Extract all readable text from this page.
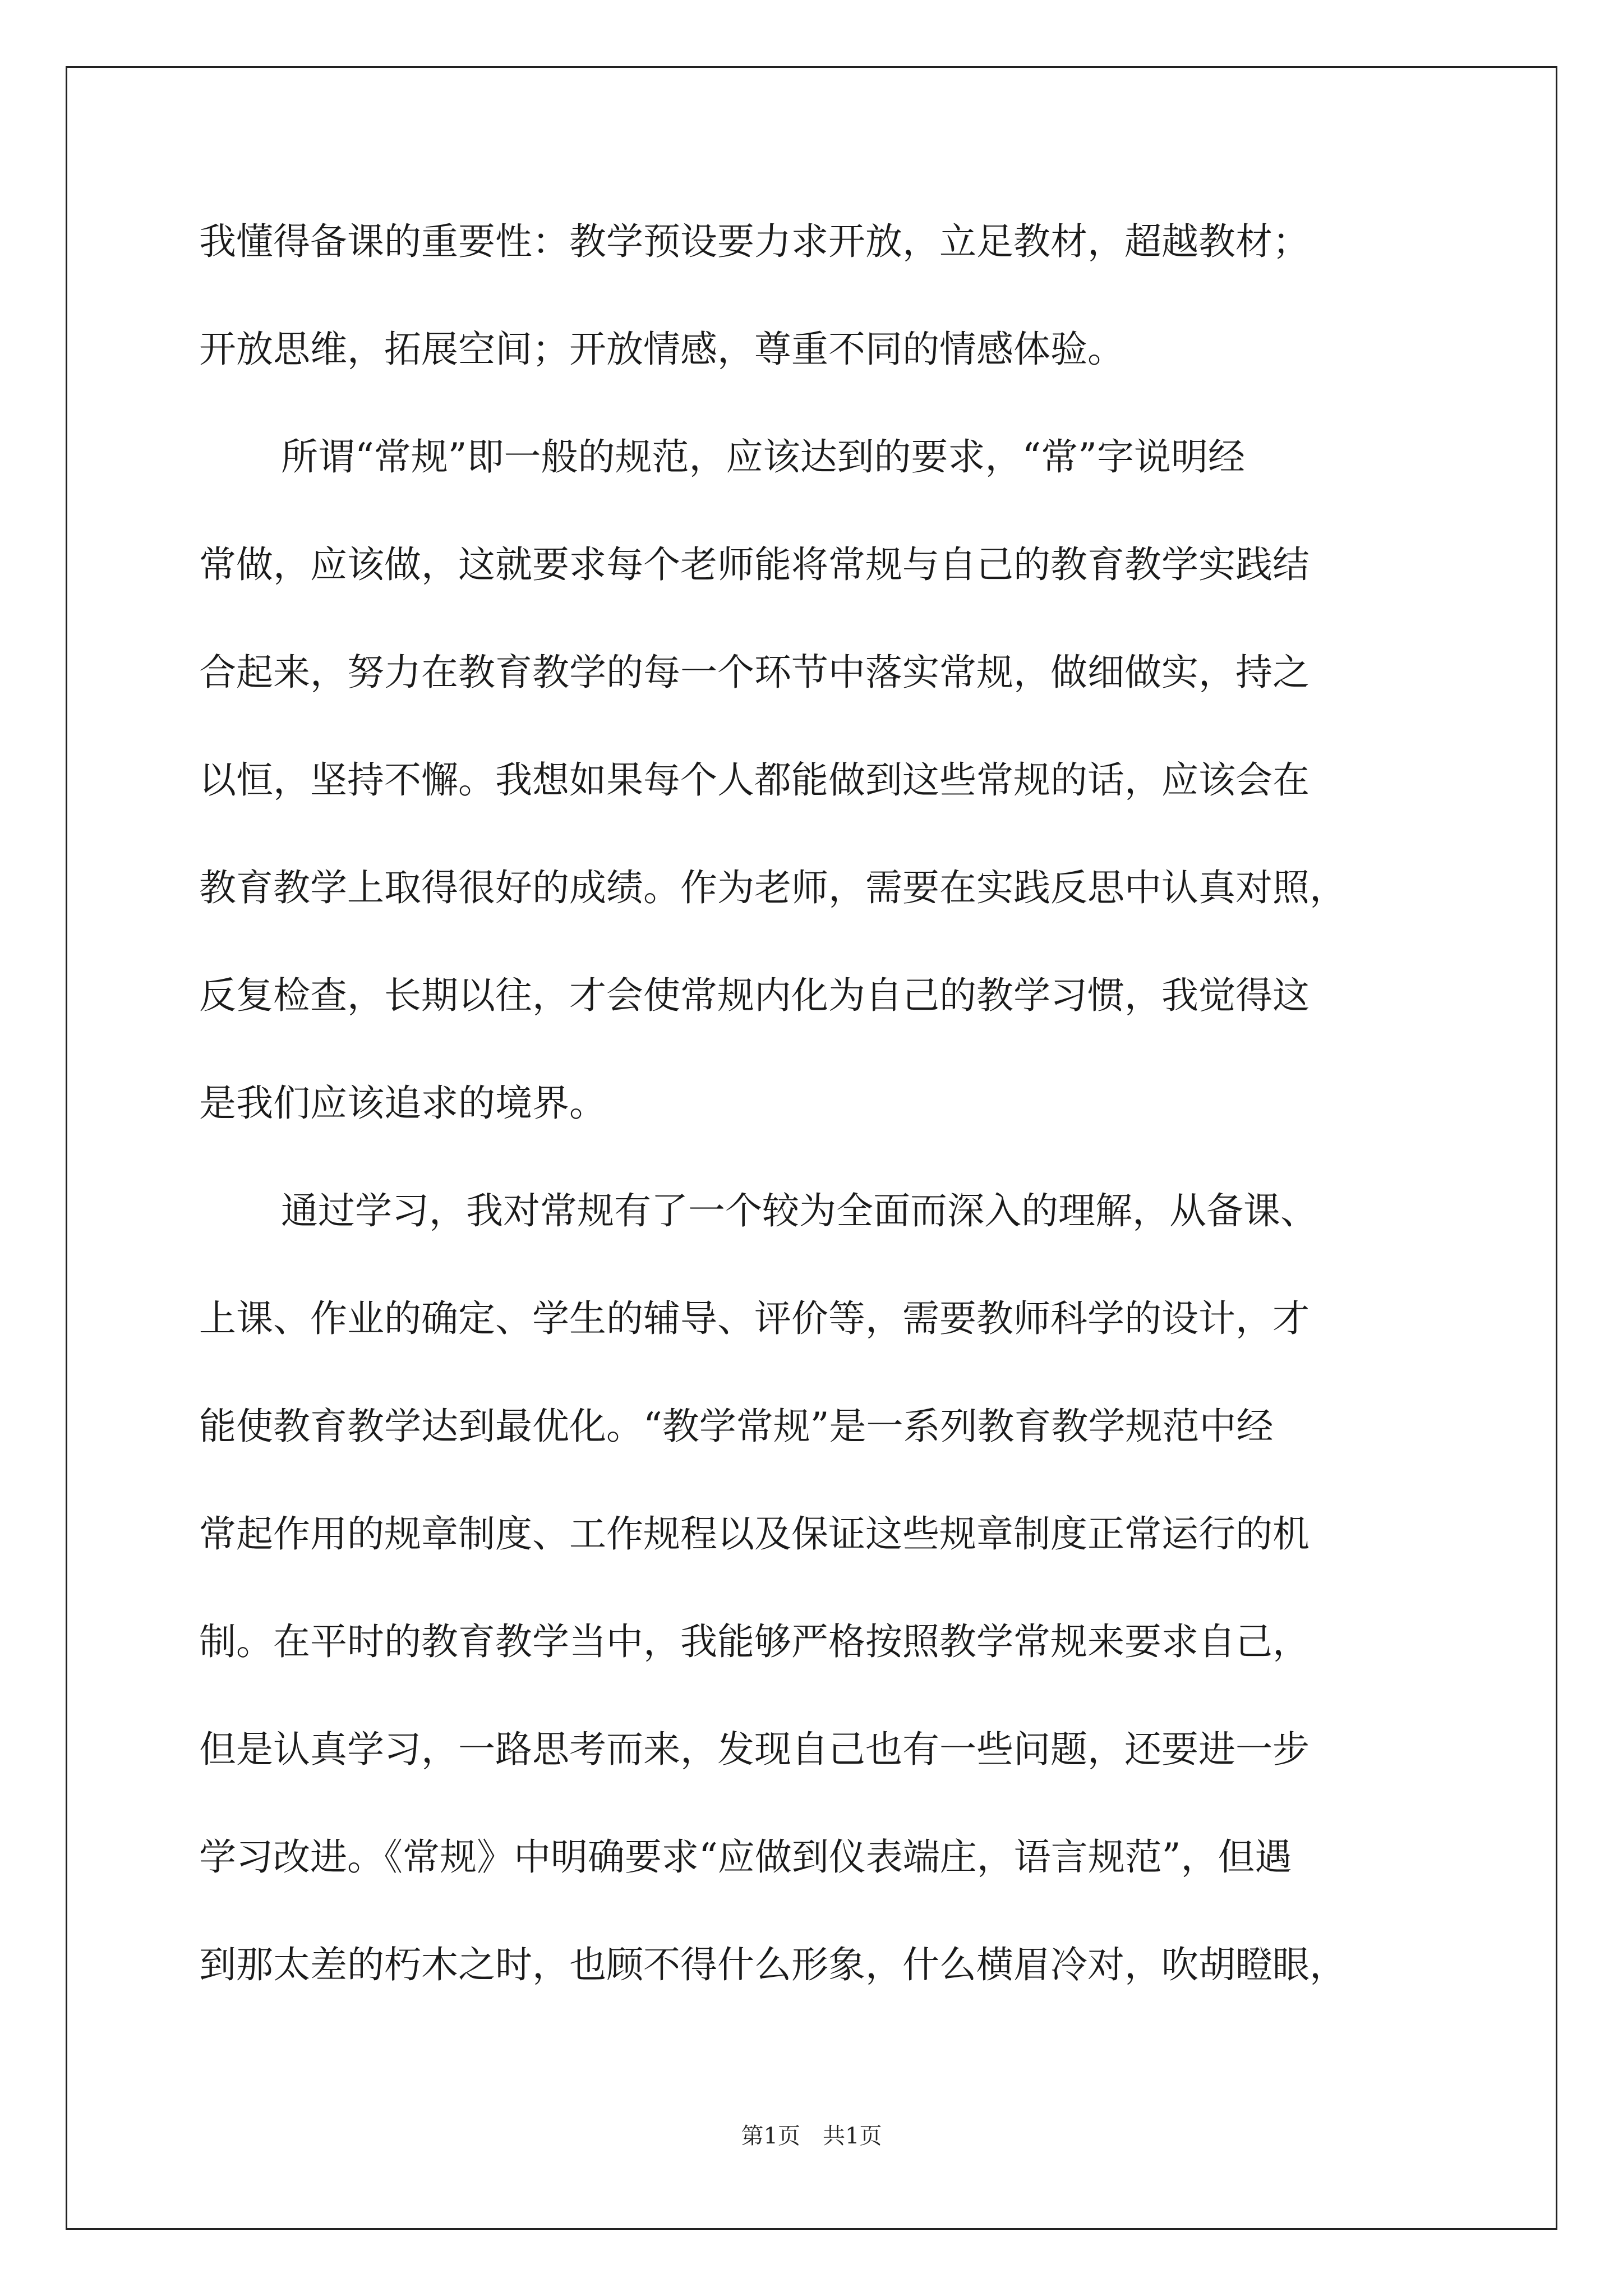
我懂得备课的重要性：教学预设要力求开放，立足教材，超越教材；
开放思维，拓展空间；开放情感，尊重不同的情感体验。
所谓“常规”即一般的规范，应该达到的要求，“常”字说明经
常做，应该做，这就要求每个老师能将常规与自己的教育教学实践结
合起来，努力在教育教学的每一个环节中落实常规，做细做实，持之
以恒，坚持不懈。我想如果每个人都能做到这些常规的话，应该会在
教育教学上取得很好的成绩。作为老师，需要在实践反思中认真对照，
反复检查，长期以往，才会使常规内化为自己的教学习惯，我觉得这
是我们应该追求的境界。
通过学习，我对常规有了一个较为全面而深入的理解，从备课、
上课、作业的确定、学生的辅导、评价等，需要教师科学的设计，才
能使教育教学达到最优化。“教学常规”是一系列教育教学规范中经
常起作用的规章制度、工作规程以及保证这些规章制度正常运行的机
制。在平时的教育教学当中，我能够严格按照教学常规来要求自己，
但是认真学习，一路思考而来，发现自己也有一些问题，还要进一步
学习改进。《常规》中明确要求“应做到仪表端庄，语言规范”，但遇
到那太差的朽木之时，也顾不得什么形象，什么横眉冷对，吹胡瞪眼，
第1页　共1页
